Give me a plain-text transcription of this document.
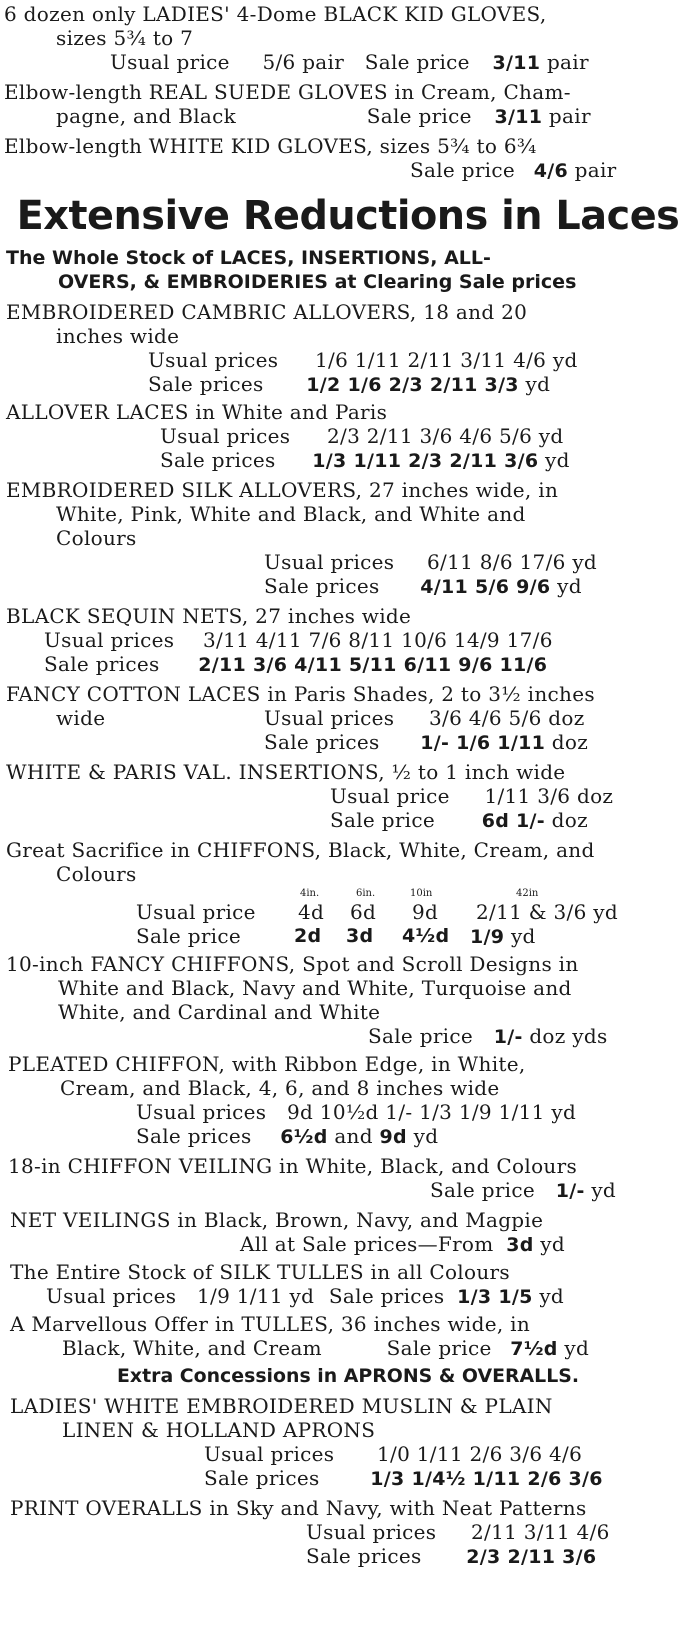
6 dozen only LADIES' 4-Dome BLACK KID GLOVES,
sizes 5¾ to 7
Usual price 5/6 pair Sale price 3/11 pair
Elbow-length REAL SUEDE GLOVES in Cream, Cham-
pagne, and Black	Sale price 3/11 pair
Elbow-length WHITE KID GLOVES, sizes 5¾ to 6¾
Sale price 4/6 pair
Extensive Reductions in Laces
The Whole Stock of LACES, INSERTIONS, ALL-
OVERS, & EMBROIDERIES at Clearing Sale prices
EMBROIDERED CAMBRIC ALLOVERS, 18 and 20
inches wide
Usual prices 1/6 1/11 2/11 3/11 4/6 yd
Sale prices 1/2 1/6 2/3 2/11 3/3 yd
ALLOVER LACES in White and Paris
Usual prices 2/3 2/11 3/6 4/6 5/6 yd
Sale prices 1/3 1/11 2/3 2/11 3/6 yd
EMBROIDERED SILK ALLOVERS, 27 inches wide, in
White, Pink, White and Black, and White and
Colours
Usual prices 6/11 8/6 17/6 yd
Sale prices 4/11 5/6 9/6 yd
BLACK SEQUIN NETS, 27 inches wide
Usual prices 3/11 4/11 7/6 8/11 10/6 14/9 17/6
Sale prices 2/11 3/6 4/11 5/11 6/11 9/6 11/6
FANCY COTTON LACES in Paris Shades, 2 to 3½ inches
wide	Usual prices 3/6 4/6 5/6 doz
Sale prices 1/- 1/6 1/11 doz
WHITE & PARIS VAL. INSERTIONS, ½ to 1 inch wide
Usual price 1/11 3/6 doz
Sale price 6d 1/- doz
Great Sacrifice in CHIFFONS, Black, White, Cream, and
Colours
4in.	6in.	10in	42in
Usual price 4d 6d 9d 2/11 & 3/6 yd
Sale price	2d 3d 4½d 1/9 yd
10-inch FANCY CHIFFONS, Spot and Scroll Designs in
White and Black, Navy and White, Turquoise and
White, and Cardinal and White
Sale price 1/- doz yds
PLEATED CHIFFON, with Ribbon Edge, in White,
Cream, and Black, 4, 6, and 8 inches wide
Usual prices 9d 10½d 1/- 1/3 1/9 1/11 yd
Sale prices 6½d and 9d yd
18-in CHIFFON VEILING in White, Black, and Colours
Sale price 1/- yd
NET VEILINGS in Black, Brown, Navy, and Magpie
All at Sale prices—From 3d yd
The Entire Stock of SILK TULLES in all Colours
Usual prices 1/9 1/11 yd Sale prices 1/3 1/5 yd
A Marvellous Offer in TULLES, 36 inches wide, in
Black, White, and Cream	Sale price 7½d yd
Extra Concessions in APRONS & OVERALLS.
LADIES' WHITE EMBROIDERED MUSLIN & PLAIN
LINEN & HOLLAND APRONS
Usual prices 1/0 1/11 2/6 3/6 4/6
Sale prices	1/3 1/4½ 1/11 2/6 3/6
PRINT OVERALLS in Sky and Navy, with Neat Patterns
Usual prices 2/11 3/11 4/6
Sale prices 2/3 2/11 3/6
